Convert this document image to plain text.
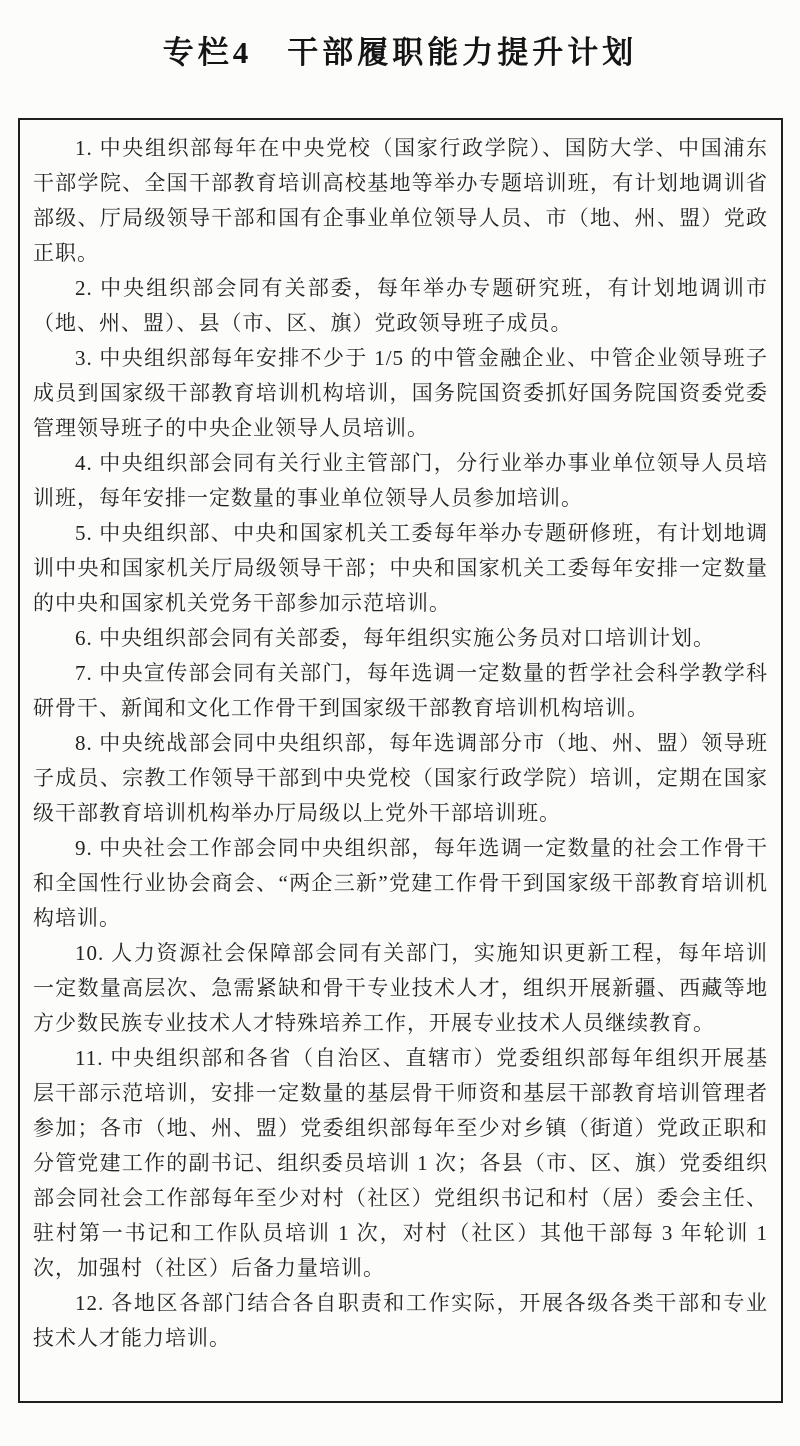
专栏4　干部履职能力提升计划

1. 中央组织部每年在中央党校（国家行政学院）、国防大学、中国浦东干部学院、全国干部教育培训高校基地等举办专题培训班，有计划地调训省部级、厅局级领导干部和国有企事业单位领导人员、市（地、州、盟）党政正职。

2. 中央组织部会同有关部委，每年举办专题研究班，有计划地调训市（地、州、盟）、县（市、区、旗）党政领导班子成员。

3. 中央组织部每年安排不少于 1/5 的中管金融企业、中管企业领导班子成员到国家级干部教育培训机构培训，国务院国资委抓好国务院国资委党委管理领导班子的中央企业领导人员培训。

4. 中央组织部会同有关行业主管部门，分行业举办事业单位领导人员培训班，每年安排一定数量的事业单位领导人员参加培训。

5. 中央组织部、中央和国家机关工委每年举办专题研修班，有计划地调训中央和国家机关厅局级领导干部；中央和国家机关工委每年安排一定数量的中央和国家机关党务干部参加示范培训。

6. 中央组织部会同有关部委，每年组织实施公务员对口培训计划。

7. 中央宣传部会同有关部门，每年选调一定数量的哲学社会科学教学科研骨干、新闻和文化工作骨干到国家级干部教育培训机构培训。

8. 中央统战部会同中央组织部，每年选调部分市（地、州、盟）领导班子成员、宗教工作领导干部到中央党校（国家行政学院）培训，定期在国家级干部教育培训机构举办厅局级以上党外干部培训班。

9. 中央社会工作部会同中央组织部，每年选调一定数量的社会工作骨干和全国性行业协会商会、“两企三新”党建工作骨干到国家级干部教育培训机构培训。

10. 人力资源社会保障部会同有关部门，实施知识更新工程，每年培训一定数量高层次、急需紧缺和骨干专业技术人才，组织开展新疆、西藏等地方少数民族专业技术人才特殊培养工作，开展专业技术人员继续教育。

11. 中央组织部和各省（自治区、直辖市）党委组织部每年组织开展基层干部示范培训，安排一定数量的基层骨干师资和基层干部教育培训管理者参加；各市（地、州、盟）党委组织部每年至少对乡镇（街道）党政正职和分管党建工作的副书记、组织委员培训 1 次；各县（市、区、旗）党委组织部会同社会工作部每年至少对村（社区）党组织书记和村（居）委会主任、驻村第一书记和工作队员培训 1 次，对村（社区）其他干部每 3 年轮训 1 次，加强村（社区）后备力量培训。

12. 各地区各部门结合各自职责和工作实际，开展各级各类干部和专业技术人才能力培训。
